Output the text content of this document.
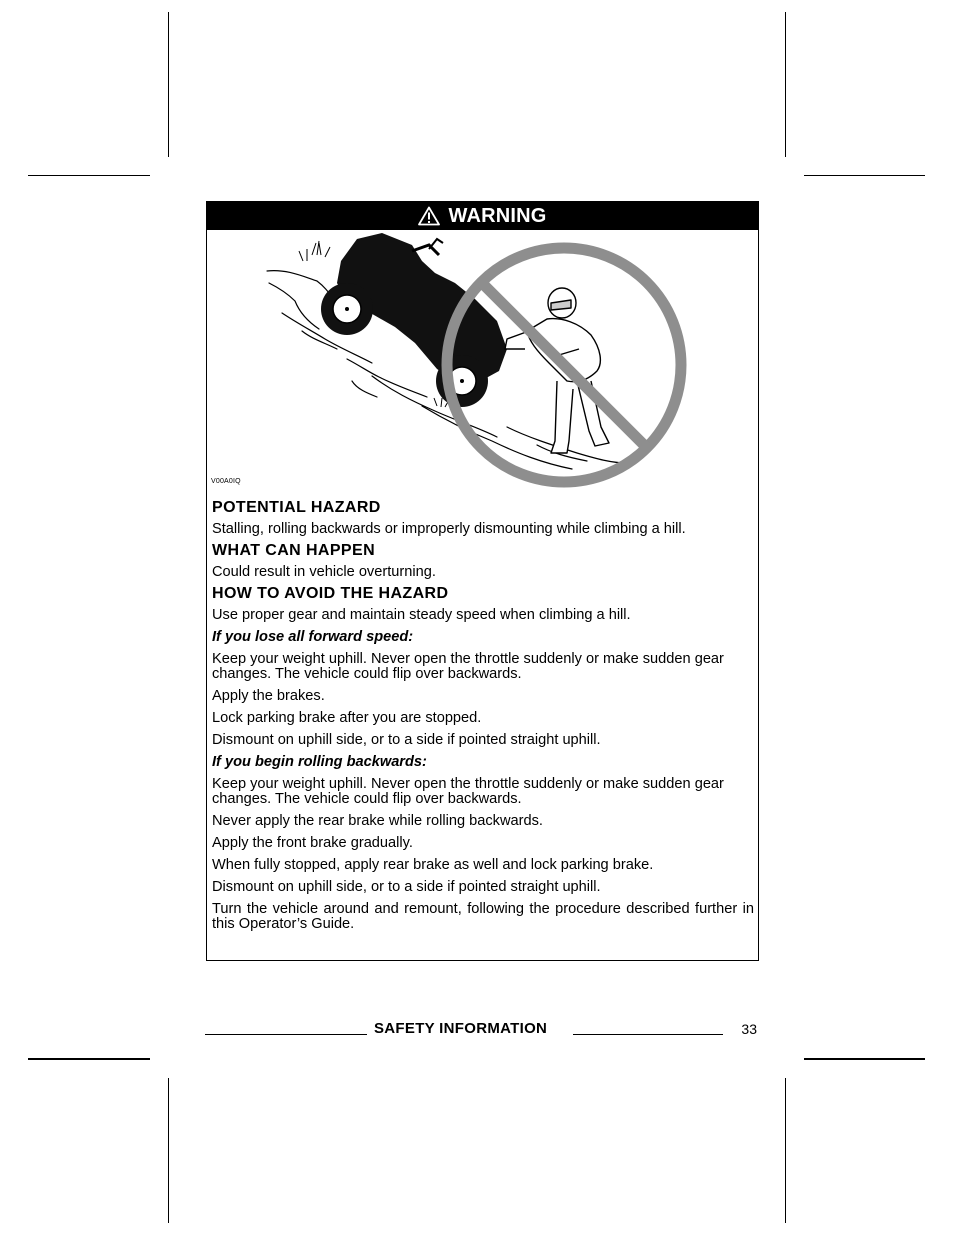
WARNING
V00A0IQ
POTENTIAL HAZARD

Stalling, rolling backwards or improperly dismounting while climbing a hill.

WHAT CAN HAPPEN

Could result in vehicle overturning.

HOW TO AVOID THE HAZARD

Use proper gear and maintain steady speed when climbing a hill.

If you lose all forward speed:

Keep your weight uphill. Never open the throttle suddenly or make sudden gear changes. The vehicle could flip over backwards.

Apply the brakes.

Lock parking brake after you are stopped.

Dismount on uphill side, or to a side if pointed straight uphill.

If you begin rolling backwards:

Keep your weight uphill. Never open the throttle suddenly or make sudden gear changes. The vehicle could flip over backwards.

Never apply the rear brake while rolling backwards.

Apply the front brake gradually.

When fully stopped, apply rear brake as well and lock parking brake.

Dismount on uphill side, or to a side if pointed straight uphill.

Turn the vehicle around and remount, following the procedure described further in this Operator’s Guide.

SAFETY INFORMATION	33
